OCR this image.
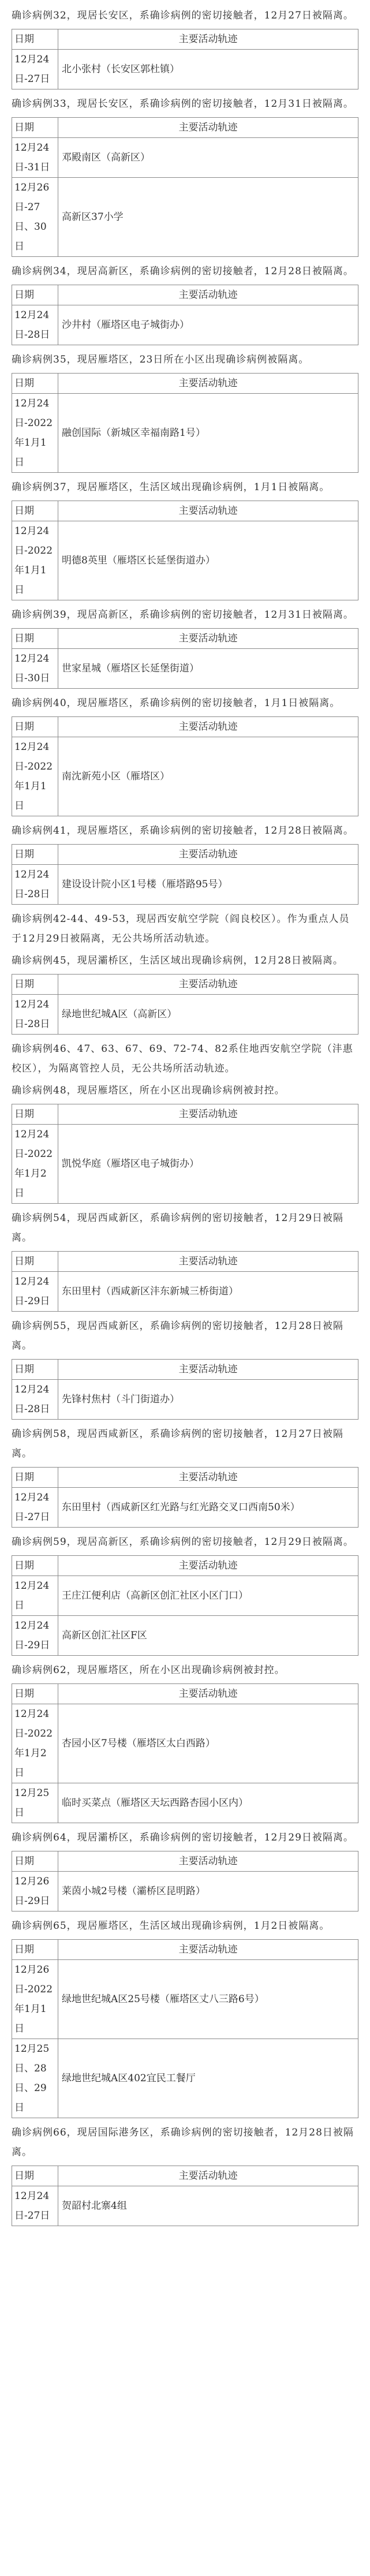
确诊病例32，现居长安区，系确诊病例的密切接触者，12月27日被隔离。

日期	主要活动轨迹
12月24日-27日	北小张村（长安区郭杜镇）

确诊病例33，现居长安区，系确诊病例的密切接触者，12月31日被隔离。

日期	主要活动轨迹
12月24日-31日	邓殿南区（高新区）
12月26日-27日、30日	高新区37小学

确诊病例34，现居高新区，系确诊病例的密切接触者，12月28日被隔离。

日期	主要活动轨迹
12月24日-28日	沙井村（雁塔区电子城街办）

确诊病例35，现居雁塔区，23日所在小区出现确诊病例被隔离。

日期	主要活动轨迹
12月24日-2022年1月1日	融创国际（新城区幸福南路1号）

确诊病例37，现居雁塔区，生活区域出现确诊病例，1月1日被隔离。

日期	主要活动轨迹
12月24日-2022年1月1日	明德8英里（雁塔区长延堡街道办）

确诊病例39，现居高新区，系确诊病例的密切接触者，12月31日被隔离。

日期	主要活动轨迹
12月24日-30日	世家星城（雁塔区长延堡街道）

确诊病例40，现居雁塔区，系确诊病例的密切接触者，1月1日被隔离。

日期	主要活动轨迹
12月24日-2022年1月1日	南沈新苑小区（雁塔区）

确诊病例41，现居雁塔区，系确诊病例的密切接触者，12月28日被隔离。

日期	主要活动轨迹
12月24日-28日	建设设计院小区1号楼（雁塔路95号）

确诊病例42-44、49-53，现居西安航空学院（阎良校区）。作为重点人员于12月29日被隔离，无公共场所活动轨迹。

确诊病例45，现居灞桥区，生活区域出现确诊病例，12月28日被隔离。

日期	主要活动轨迹
12月24日-28日	绿地世纪城A区（高新区）

确诊病例46、47、63、67、69、72-74、82系住地西安航空学院（沣惠校区），为隔离管控人员，无公共场所活动轨迹。

确诊病例48，现居雁塔区，所在小区出现确诊病例被封控。

日期	主要活动轨迹
12月24日-2022年1月2日	凯悦华庭（雁塔区电子城街办）

确诊病例54，现居西咸新区，系确诊病例的密切接触者，12月29日被隔离。

日期	主要活动轨迹
12月24日-29日	东田里村（西咸新区沣东新城三桥街道）

确诊病例55，现居西咸新区，系确诊病例的密切接触者，12月28日被隔离。

日期	主要活动轨迹
12月24日-28日	先锋村焦村（斗门街道办）

确诊病例58，现居西咸新区，系确诊病例的密切接触者，12月27日被隔离。

日期	主要活动轨迹
12月24日-27日	东田里村（西咸新区红光路与红光路交叉口西南50米）

确诊病例59，现居高新区，系确诊病例的密切接触者，12月29日被隔离。

日期	主要活动轨迹
12月24日	王庄江便利店（高新区创汇社区小区门口）
12月24日-29日	高新区创汇社区F区

确诊病例62，现居雁塔区，所在小区出现确诊病例被封控。

日期	主要活动轨迹
12月24日-2022年1月2日	杏园小区7号楼（雁塔区太白西路）
12月25日	临时买菜点（雁塔区天坛西路杏园小区内）

确诊病例64，现居灞桥区，系确诊病例的密切接触者，12月29日被隔离。

日期	主要活动轨迹
12月26日-29日	莱茵小城2号楼（灞桥区昆明路）

确诊病例65，现居雁塔区，生活区域出现确诊病例，1月2日被隔离。

日期	主要活动轨迹
12月26日-2022年1月1日	绿地世纪城A区25号楼（雁塔区丈八三路6号）
12月25日、28日、29日	绿地世纪城A区402宜民工餐厅

确诊病例66，现居国际港务区，系确诊病例的密切接触者，12月28日被隔离。

日期	主要活动轨迹
12月24日-27日	贺韶村北寨4组
